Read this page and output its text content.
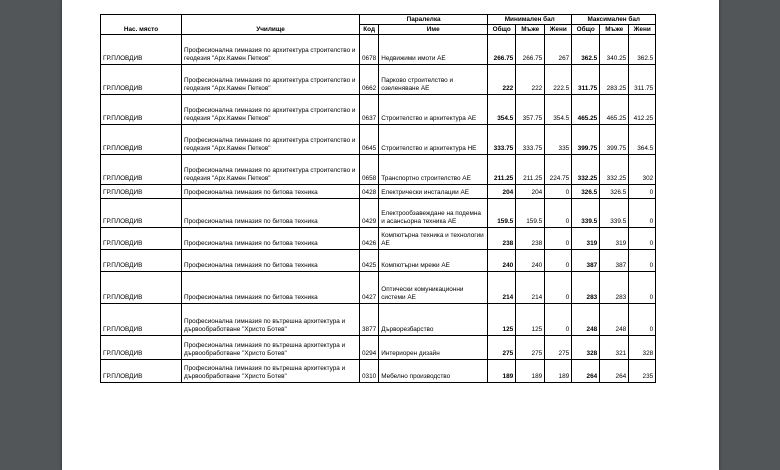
Нас. място	Училище	Паралелка		Минимален бал			Максимален бал		
		Код	Име	Общо	Мъже	Жени	Общо	Мъже	Жени
ГР.ПЛОВДИВ	Професионална гимназия по архитектура строителство и геодезия "Арх.Камен Петков"	0678	Недвижими имоти АЕ	266.75	266.75	267	362.5	340.25	362.5
ГР.ПЛОВДИВ	Професионална гимназия по архитектура строителство и геодезия "Арх.Камен Петков"	0662	Парково строителство и озеленяване АЕ	222	222	222.5	311.75	283.25	311.75
ГР.ПЛОВДИВ	Професионална гимназия по архитектура строителство и геодезия "Арх.Камен Петков"	0637	Строителство и архитектура АЕ	354.5	357.75	354.5	465.25	465.25	412.25
ГР.ПЛОВДИВ	Професионална гимназия по архитектура строителство и геодезия "Арх.Камен Петков"	0645	Строителство и архитектура НЕ	333.75	333.75	335	399.75	399.75	364.5
ГР.ПЛОВДИВ	Професионална гимназия по архитектура строителство и геодезия "Арх.Камен Петков"	0658	Транспортно строителство АЕ	211.25	211.25	224.75	332.25	332.25	302
ГР.ПЛОВДИВ	Професионална гимназия по битова техника	0428	Електрически инсталации АЕ	204	204	0	326.5	326.5	0
ГР.ПЛОВДИВ	Професионална гимназия по битова техника	0429	Електрообзавеждане на подемна и асансьорна техника АЕ	159.5	159.5	0	339.5	339.5	0
ГР.ПЛОВДИВ	Професионална гимназия по битова техника	0426	Компютърна техника и технологии АЕ	238	238	0	319	319	0
ГР.ПЛОВДИВ	Професионална гимназия по битова техника	0425	Компютърни мрежи АЕ	240	240	0	387	387	0
ГР.ПЛОВДИВ	Професионална гимназия по битова техника	0427	Оптически комуникационни системи АЕ	214	214	0	283	283	0
ГР.ПЛОВДИВ	Професионална гимназия по вътрешна архитектура и дървообработване "Христо Ботев"	3877	Дърворезбарство	125	125	0	248	248	0
ГР.ПЛОВДИВ	Професионална гимназия по вътрешна архитектура и дървообработване "Христо Ботев"	0294	Интериорен дизайн	275	275	275	328	321	328
ГР.ПЛОВДИВ	Професионална гимназия по вътрешна архитектура и дървообработване "Христо Ботев"	0310	Мебелно производство	189	189	189	264	264	235
